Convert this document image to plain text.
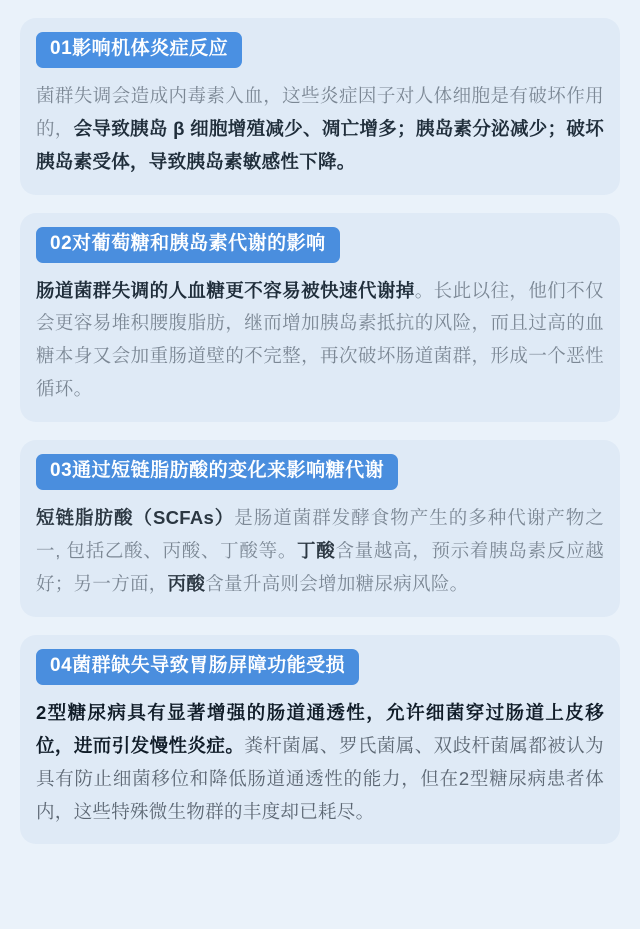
01影响机体炎症反应
菌群失调会造成内毒素入血，这些炎症因子对人体细胞是有破坏作用的，会导致胰岛 β 细胞增殖减少、凋亡增多；胰岛素分泌减少；破坏胰岛素受体，导致胰岛素敏感性下降。
02对葡萄糖和胰岛素代谢的影响
肠道菌群失调的人血糖更不容易被快速代谢掉。长此以往，他们不仅会更容易堆积腰腹脂肪，继而增加胰岛素抵抗的风险，而且过高的血糖本身又会加重肠道壁的不完整，再次破坏肠道菌群，形成一个恶性循环。
03通过短链脂肪酸的变化来影响糖代谢
短链脂肪酸（SCFAs）是肠道菌群发酵食物产生的多种代谢产物之一, 包括乙酸、丙酸、丁酸等。丁酸含量越高，预示着胰岛素反应越好；另一方面，丙酸含量升高则会增加糖尿病风险。
04菌群缺失导致胃肠屏障功能受损
2型糖尿病具有显著增强的肠道通透性，允许细菌穿过肠道上皮移位，进而引发慢性炎症。粪杆菌属、罗氏菌属、双歧杆菌属都被认为具有防止细菌移位和降低肠道通透性的能力，但在2型糖尿病患者体内，这些特殊微生物群的丰度却已耗尽。
